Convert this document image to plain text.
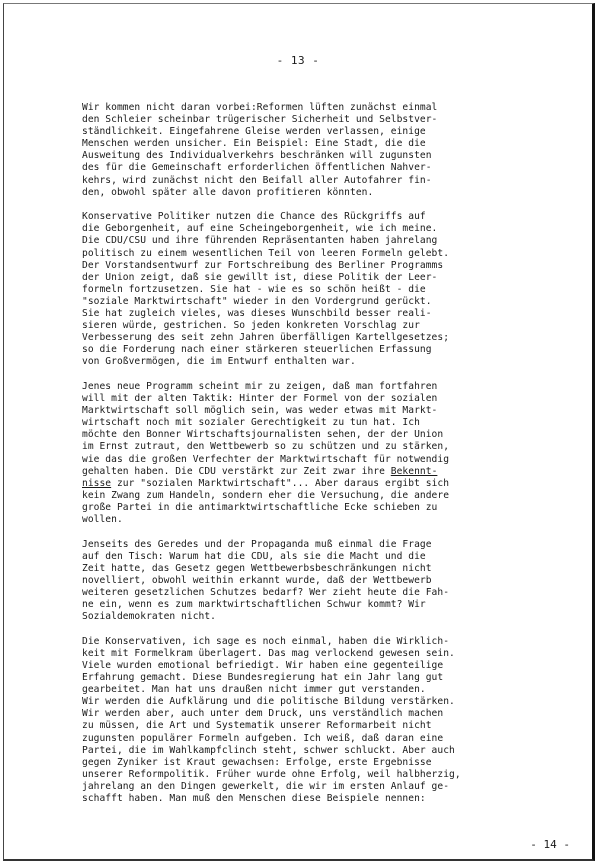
- 13 -

Wir kommen nicht daran vorbei:Reformen lüften zunächst einmal
den Schleier scheinbar trügerischer Sicherheit und Selbstver-
ständlichkeit. Eingefahrene Gleise werden verlassen, einige
Menschen werden unsicher. Ein Beispiel: Eine Stadt, die die
Ausweitung des Individualverkehrs beschränken will zugunsten
des für die Gemeinschaft erforderlichen öffentlichen Nahver-
kehrs, wird zunächst nicht den Beifall aller Autofahrer fin-
den, obwohl später alle davon profitieren könnten.

Konservative Politiker nutzen die Chance des Rückgriffs auf
die Geborgenheit, auf eine Scheingeborgenheit, wie ich meine.
Die CDU/CSU und ihre führenden Repräsentanten haben jahrelang
politisch zu einem wesentlichen Teil von leeren Formeln gelebt.
Der Vorstandsentwurf zur Fortschreibung des Berliner Programms
der Union zeigt, daß sie gewillt ist, diese Politik der Leer-
formeln fortzusetzen. Sie hat - wie es so schön heißt - die
"soziale Marktwirtschaft" wieder in den Vordergrund gerückt.
Sie hat zugleich vieles, was dieses Wunschbild besser reali-
sieren würde, gestrichen. So jeden konkreten Vorschlag zur
Verbesserung des seit zehn Jahren überfälligen Kartellgesetzes;
so die Forderung nach einer stärkeren steuerlichen Erfassung
von Großvermögen, die im Entwurf enthalten war.

Jenes neue Programm scheint mir zu zeigen, daß man fortfahren
will mit der alten Taktik: Hinter der Formel von der sozialen
Marktwirtschaft soll möglich sein, was weder etwas mit Markt-
wirtschaft noch mit sozialer Gerechtigkeit zu tun hat. Ich
möchte den Bonner Wirtschaftsjournalisten sehen, der der Union
im Ernst zutraut, den Wettbewerb so zu schützen und zu stärken,
wie das die großen Verfechter der Marktwirtschaft für notwendig
gehalten haben. Die CDU verstärkt zur Zeit zwar ihre Bekennt-
nisse zur "sozialen Marktwirtschaft"... Aber daraus ergibt sich
kein Zwang zum Handeln, sondern eher die Versuchung, die andere
große Partei in die antimarktwirtschaftliche Ecke schieben zu
wollen.

Jenseits des Geredes und der Propaganda muß einmal die Frage
auf den Tisch: Warum hat die CDU, als sie die Macht und die
Zeit hatte, das Gesetz gegen Wettbewerbsbeschränkungen nicht
novelliert, obwohl weithin erkannt wurde, daß der Wettbewerb
weiteren gesetzlichen Schutzes bedarf? Wer zieht heute die Fah-
ne ein, wenn es zum marktwirtschaftlichen Schwur kommt? Wir
Sozialdemokraten nicht.

Die Konservativen, ich sage es noch einmal, haben die Wirklich-
keit mit Formelkram überlagert. Das mag verlockend gewesen sein.
Viele wurden emotional befriedigt. Wir haben eine gegenteilige
Erfahrung gemacht. Diese Bundesregierung hat ein Jahr lang gut
gearbeitet. Man hat uns draußen nicht immer gut verstanden.
Wir werden die Aufklärung und die politische Bildung verstärken.
Wir werden aber, auch unter dem Druck, uns verständlich machen
zu müssen, die Art und Systematik unserer Reformarbeit nicht
zugunsten populärer Formeln aufgeben. Ich weiß, daß daran eine
Partei, die im Wahlkampfclinch steht, schwer schluckt. Aber auch
gegen Zyniker ist Kraut gewachsen: Erfolge, erste Ergebnisse
unserer Reformpolitik. Früher wurde ohne Erfolg, weil halbherzig,
jahrelang an den Dingen gewerkelt, die wir im ersten Anlauf ge-
schafft haben. Man muß den Menschen diese Beispiele nennen:

- 14 -
